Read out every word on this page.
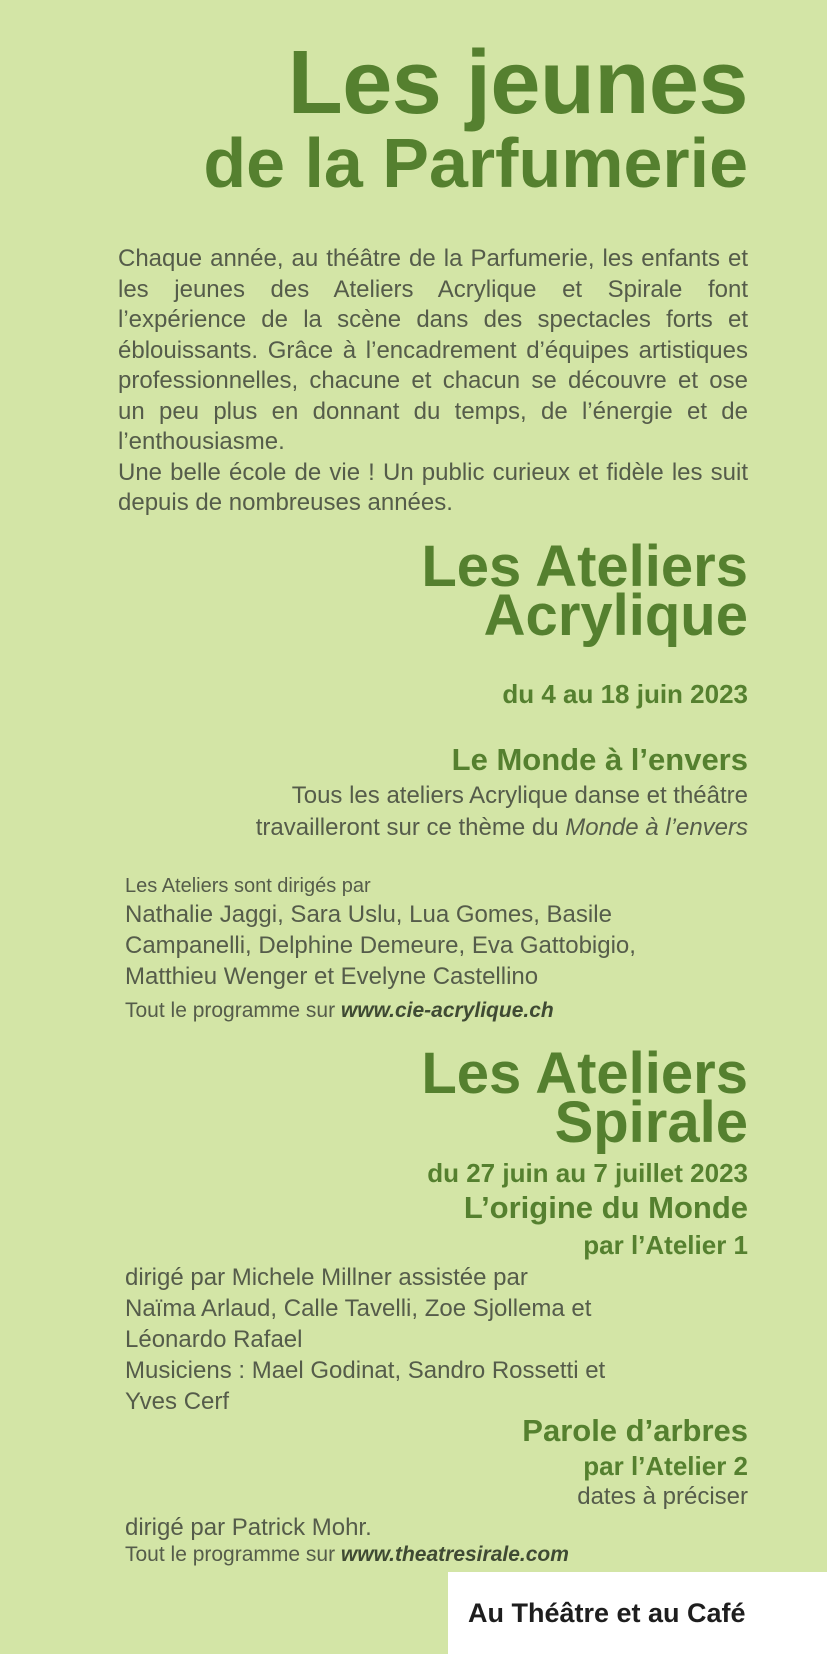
Les jeunes
de la Parfumerie

Chaque année, au théâtre de la Parfumerie, les enfants et les jeunes des Ateliers Acrylique et Spirale font l’expérience de la scène dans des spectacles forts et éblouissants. Grâce à l’encadrement d’équipes artistiques professionnelles, chacune et chacun se découvre et ose un peu plus en donnant du temps, de l’énergie et de l’enthousiasme.

Une belle école de vie ! Un public curieux et fidèle les suit depuis de nombreuses années.

Les Ateliers
Acrylique
du 4 au 18 juin 2023
Le Monde à l’envers
Tous les ateliers Acrylique danse et théâtre
travailleront sur ce thème du Monde à l’envers
Les Ateliers sont dirigés par
Nathalie Jaggi, Sara Uslu, Lua Gomes, Basile
Campanelli, Delphine Demeure, Eva Gattobigio,
Matthieu Wenger et Evelyne Castellino
Tout le programme sur www.cie-acrylique.ch
Les Ateliers
Spirale
du 27 juin au 7 juillet 2023
L’origine du Monde
par l’Atelier 1
dirigé par Michele Millner assistée par
Naïma Arlaud, Calle Tavelli, Zoe Sjollema et
Léonardo Rafael
Musiciens : Mael Godinat, Sandro Rossetti et
Yves Cerf
Parole d’arbres
par l’Atelier 2
dates à préciser
dirigé par Patrick Mohr.
Tout le programme sur www.theatresirale.com
Au Théâtre et au Café
